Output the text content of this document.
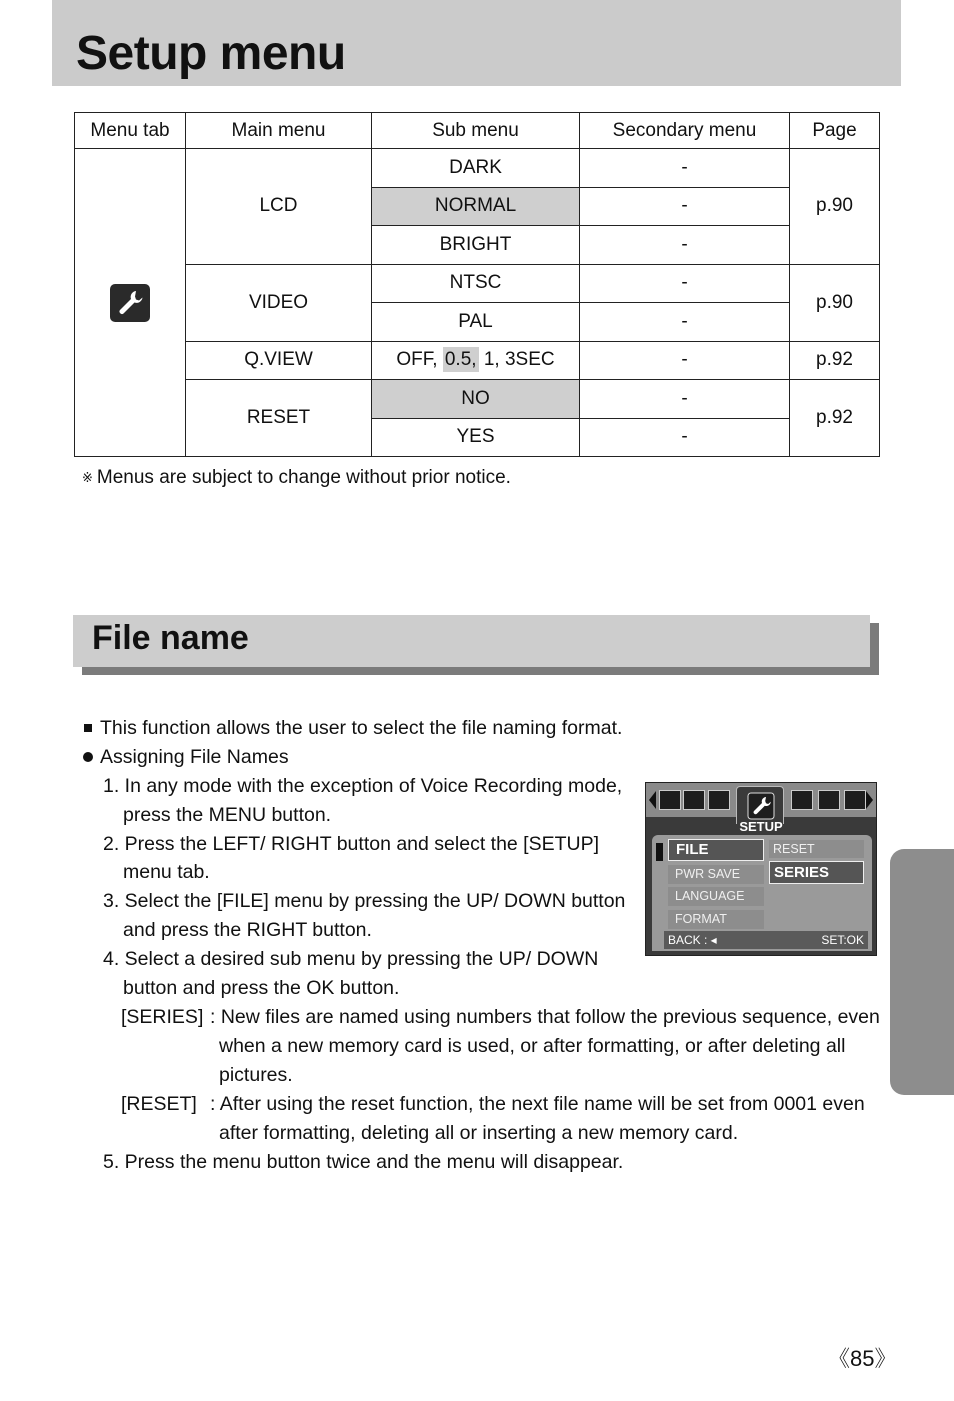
Setup menu
Menu tab	Main menu	Sub menu	Secondary menu	Page

	LCD	DARK	-	p.90
		NORMAL	-	
		BRIGHT	-	
	VIDEO	NTSC	-	p.90
		PAL	-	
	Q.VIEW	OFF, 0.5, 1, 3SEC	-	p.92
	RESET	NO	-	p.92
		YES	-	
※ Menus are subject to change without prior notice.
File name
This function allows the user to select the file naming format.
Assigning File Names
1. In any mode with the exception of Voice Recording mode,
press the MENU button.
2. Press the LEFT/ RIGHT button and select the [SETUP]
menu tab.
3. Select the [FILE] menu by pressing the UP/ DOWN button
and press the RIGHT button.
4. Select a desired sub menu by pressing the UP/ DOWN
button and press the OK button.
[SERIES] : New files are named using numbers that follow the previous sequence, even
when a new memory card is used, or after formatting, or after deleting all
pictures.
[RESET] : After using the reset function, the next file name will be set from 0001 even
after formatting, deleting all or inserting a new memory card.
5. Press the menu button twice and the menu will disappear.
SETUP
FILE
PWR SAVE
LANGUAGE
FORMAT
RESET
SERIES
BACK : ◂	SET:OK
《85》
